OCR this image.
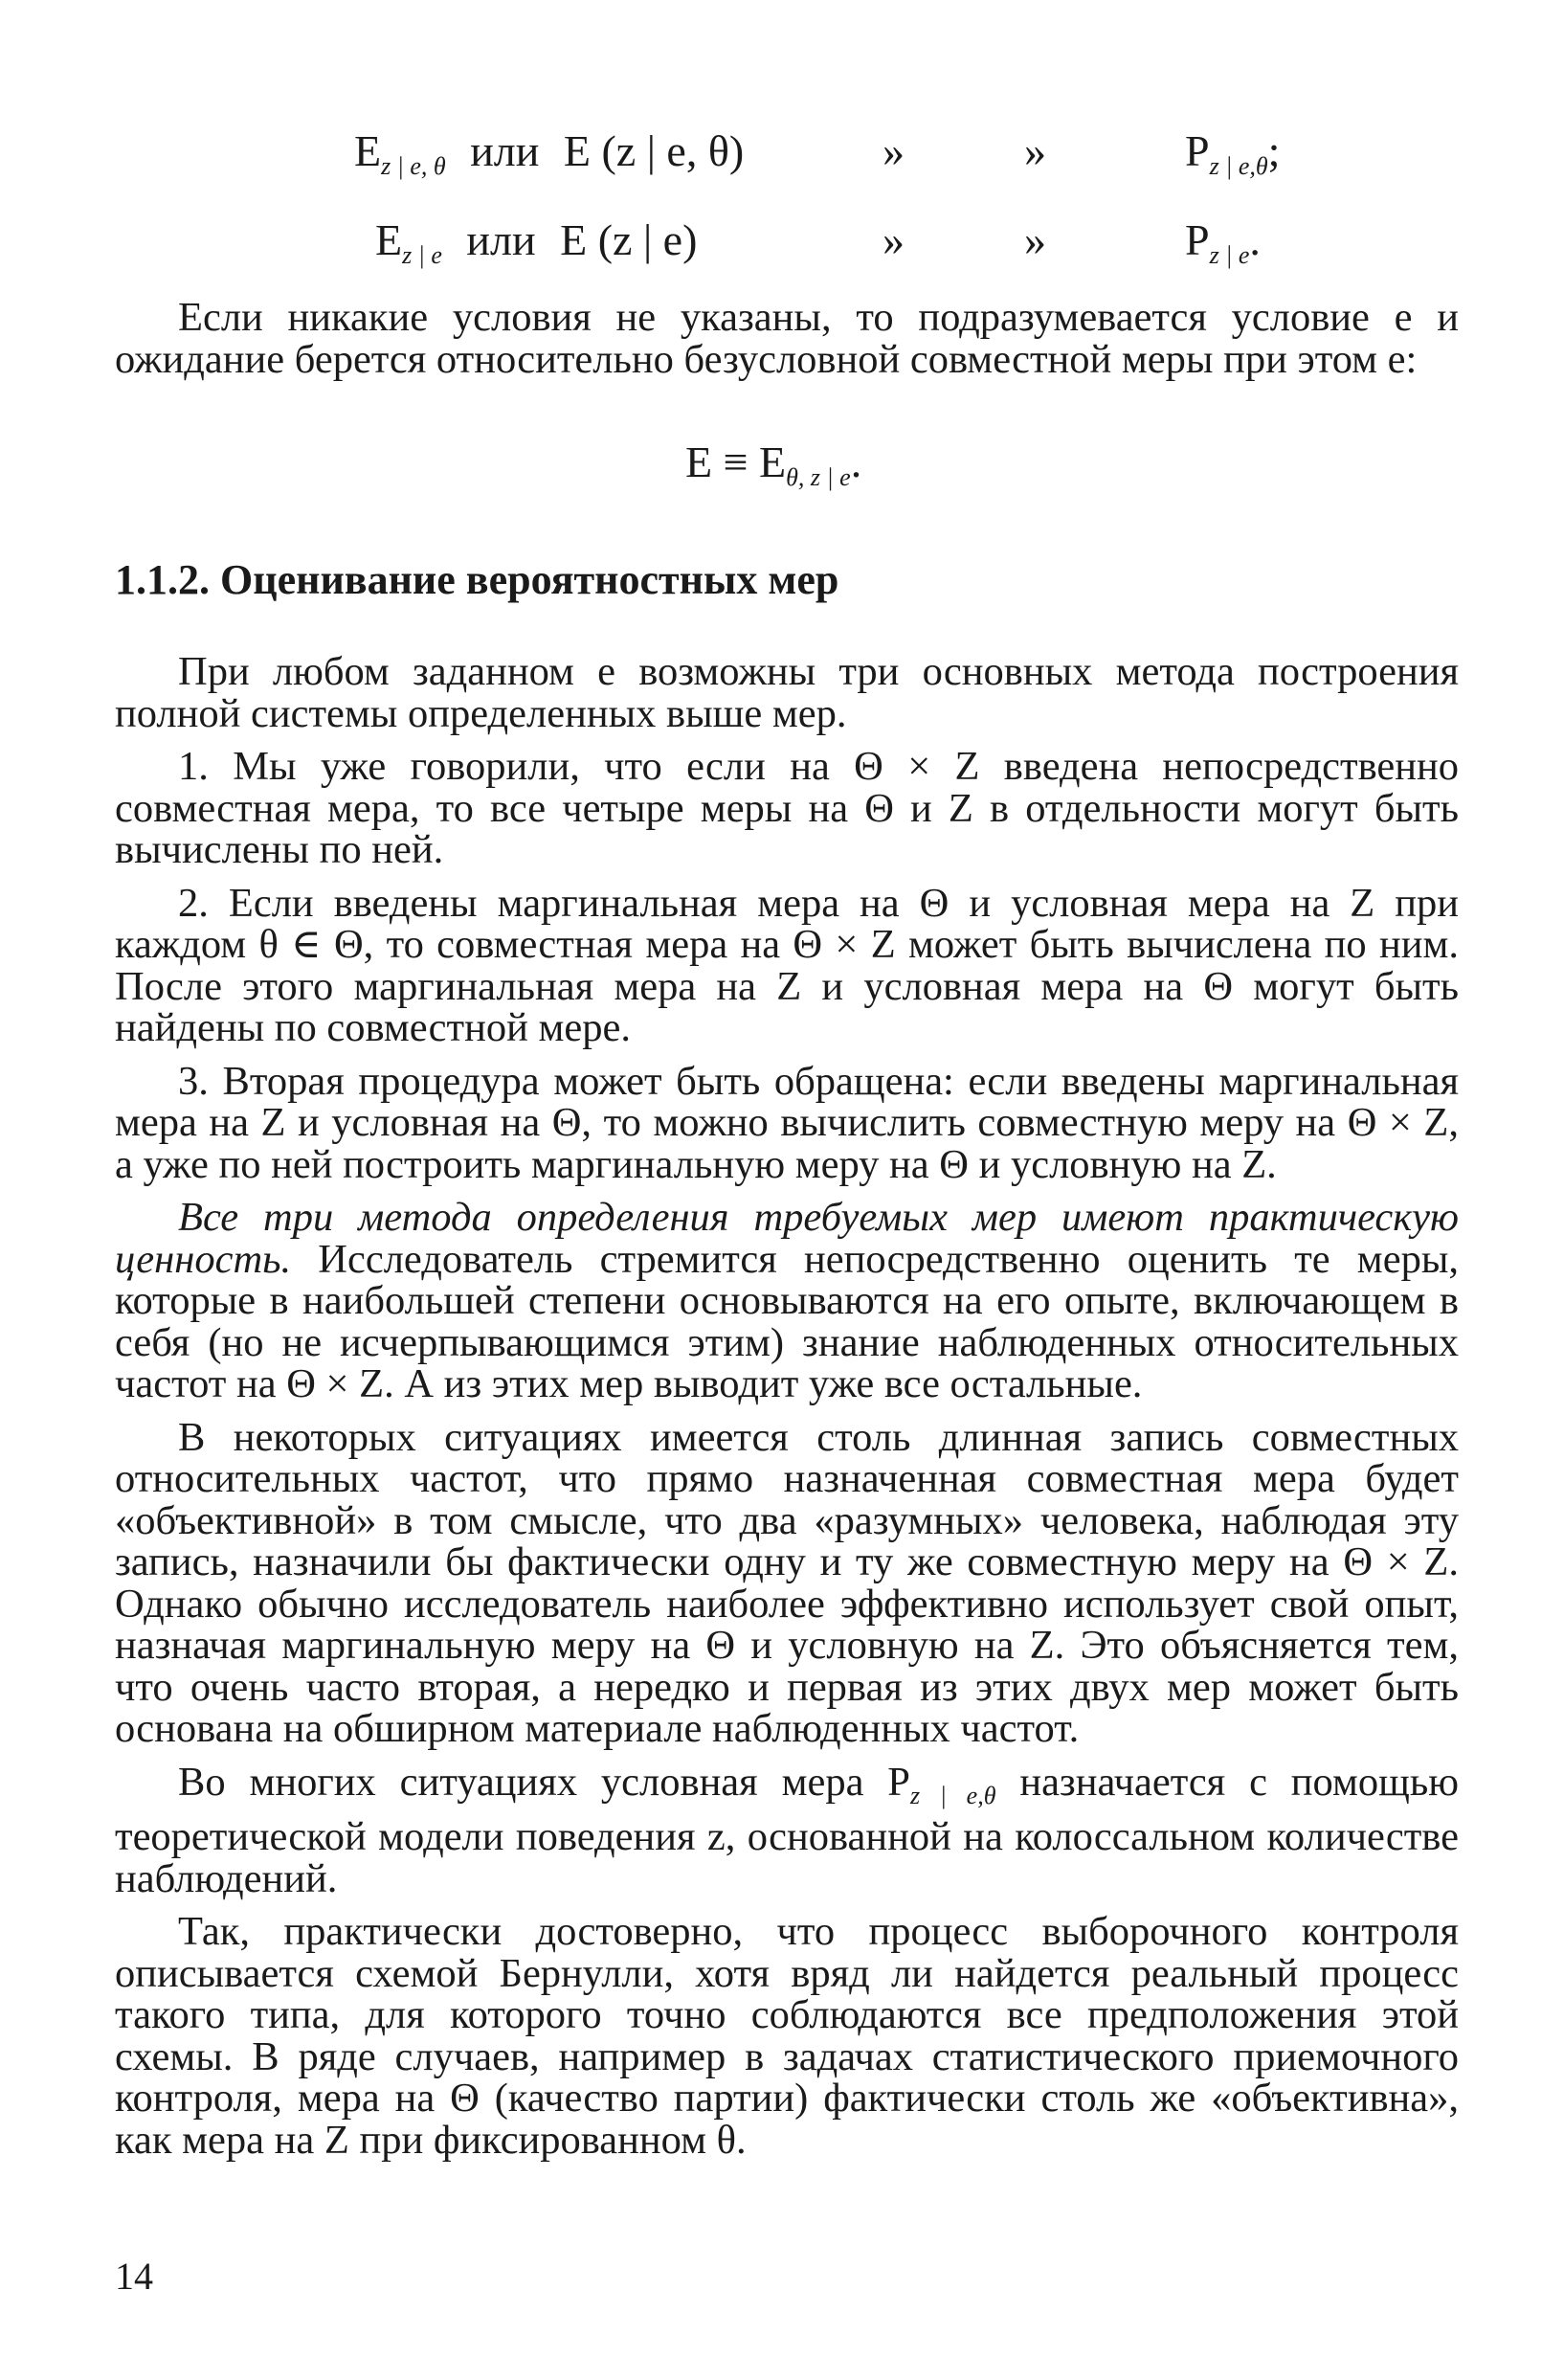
$E_{z | e, \theta}$ или E (z | e, θ)	»	»	$P_{z | e,\theta}$;
$E_{z | e}$ или E (z | e)	»	»	$P_{z | e}$.

Если никакие условия не указаны, то подразумевается условие e и ожидание берется относительно безусловной совместной меры при этом e:

$E \equiv E_{\theta, z | e}$.
1.1.2. Оценивание вероятностных мер

При любом заданном e возможны три основных метода построения полной системы определенных выше мер.

1. Мы уже говорили, что если на Θ × Z введена непосредственно совместная мера, то все четыре меры на Θ и Z в отдельности могут быть вычислены по ней.

2. Если введены маргинальная мера на Θ и условная мера на Z при каждом θ ∈ Θ, то совместная мера на Θ × Z может быть вычислена по ним. После этого маргинальная мера на Z и условная мера на Θ могут быть найдены по совместной мере.

3. Вторая процедура может быть обращена: если введены маргинальная мера на Z и условная на Θ, то можно вычислить совместную меру на Θ × Z, а уже по ней построить маргинальную меру на Θ и условную на Z.

Все три метода определения требуемых мер имеют практическую ценность. Исследователь стремится непосредственно оценить те меры, которые в наибольшей степени основываются на его опыте, включающем в себя (но не исчерпывающимся этим) знание наблюденных относительных частот на Θ × Z. А из этих мер выводит уже все остальные.

В некоторых ситуациях имеется столь длинная запись совместных относительных частот, что прямо назначенная совместная мера будет «объективной» в том смысле, что два «разумных» человека, наблюдая эту запись, назначили бы фактически одну и ту же совместную меру на Θ × Z. Однако обычно исследователь наиболее эффективно использует свой опыт, назначая маргинальную меру на Θ и условную на Z. Это объясняется тем, что очень часто вторая, а нередко и первая из этих двух мер может быть основана на обширном материале наблюденных частот.

Во многих ситуациях условная мера $P_{z | e,\theta}$ назначается с помощью теоретической модели поведения z, основанной на колоссальном количестве наблюдений.

Так, практически достоверно, что процесс выборочного контроля описывается схемой Бернулли, хотя вряд ли найдется реальный процесс такого типа, для которого точно соблюдаются все предположения этой схемы. В ряде случаев, например в задачах статистического приемочного контроля, мера на Θ (качество партии) фактически столь же «объективна», как мера на Z при фиксированном θ.

14
